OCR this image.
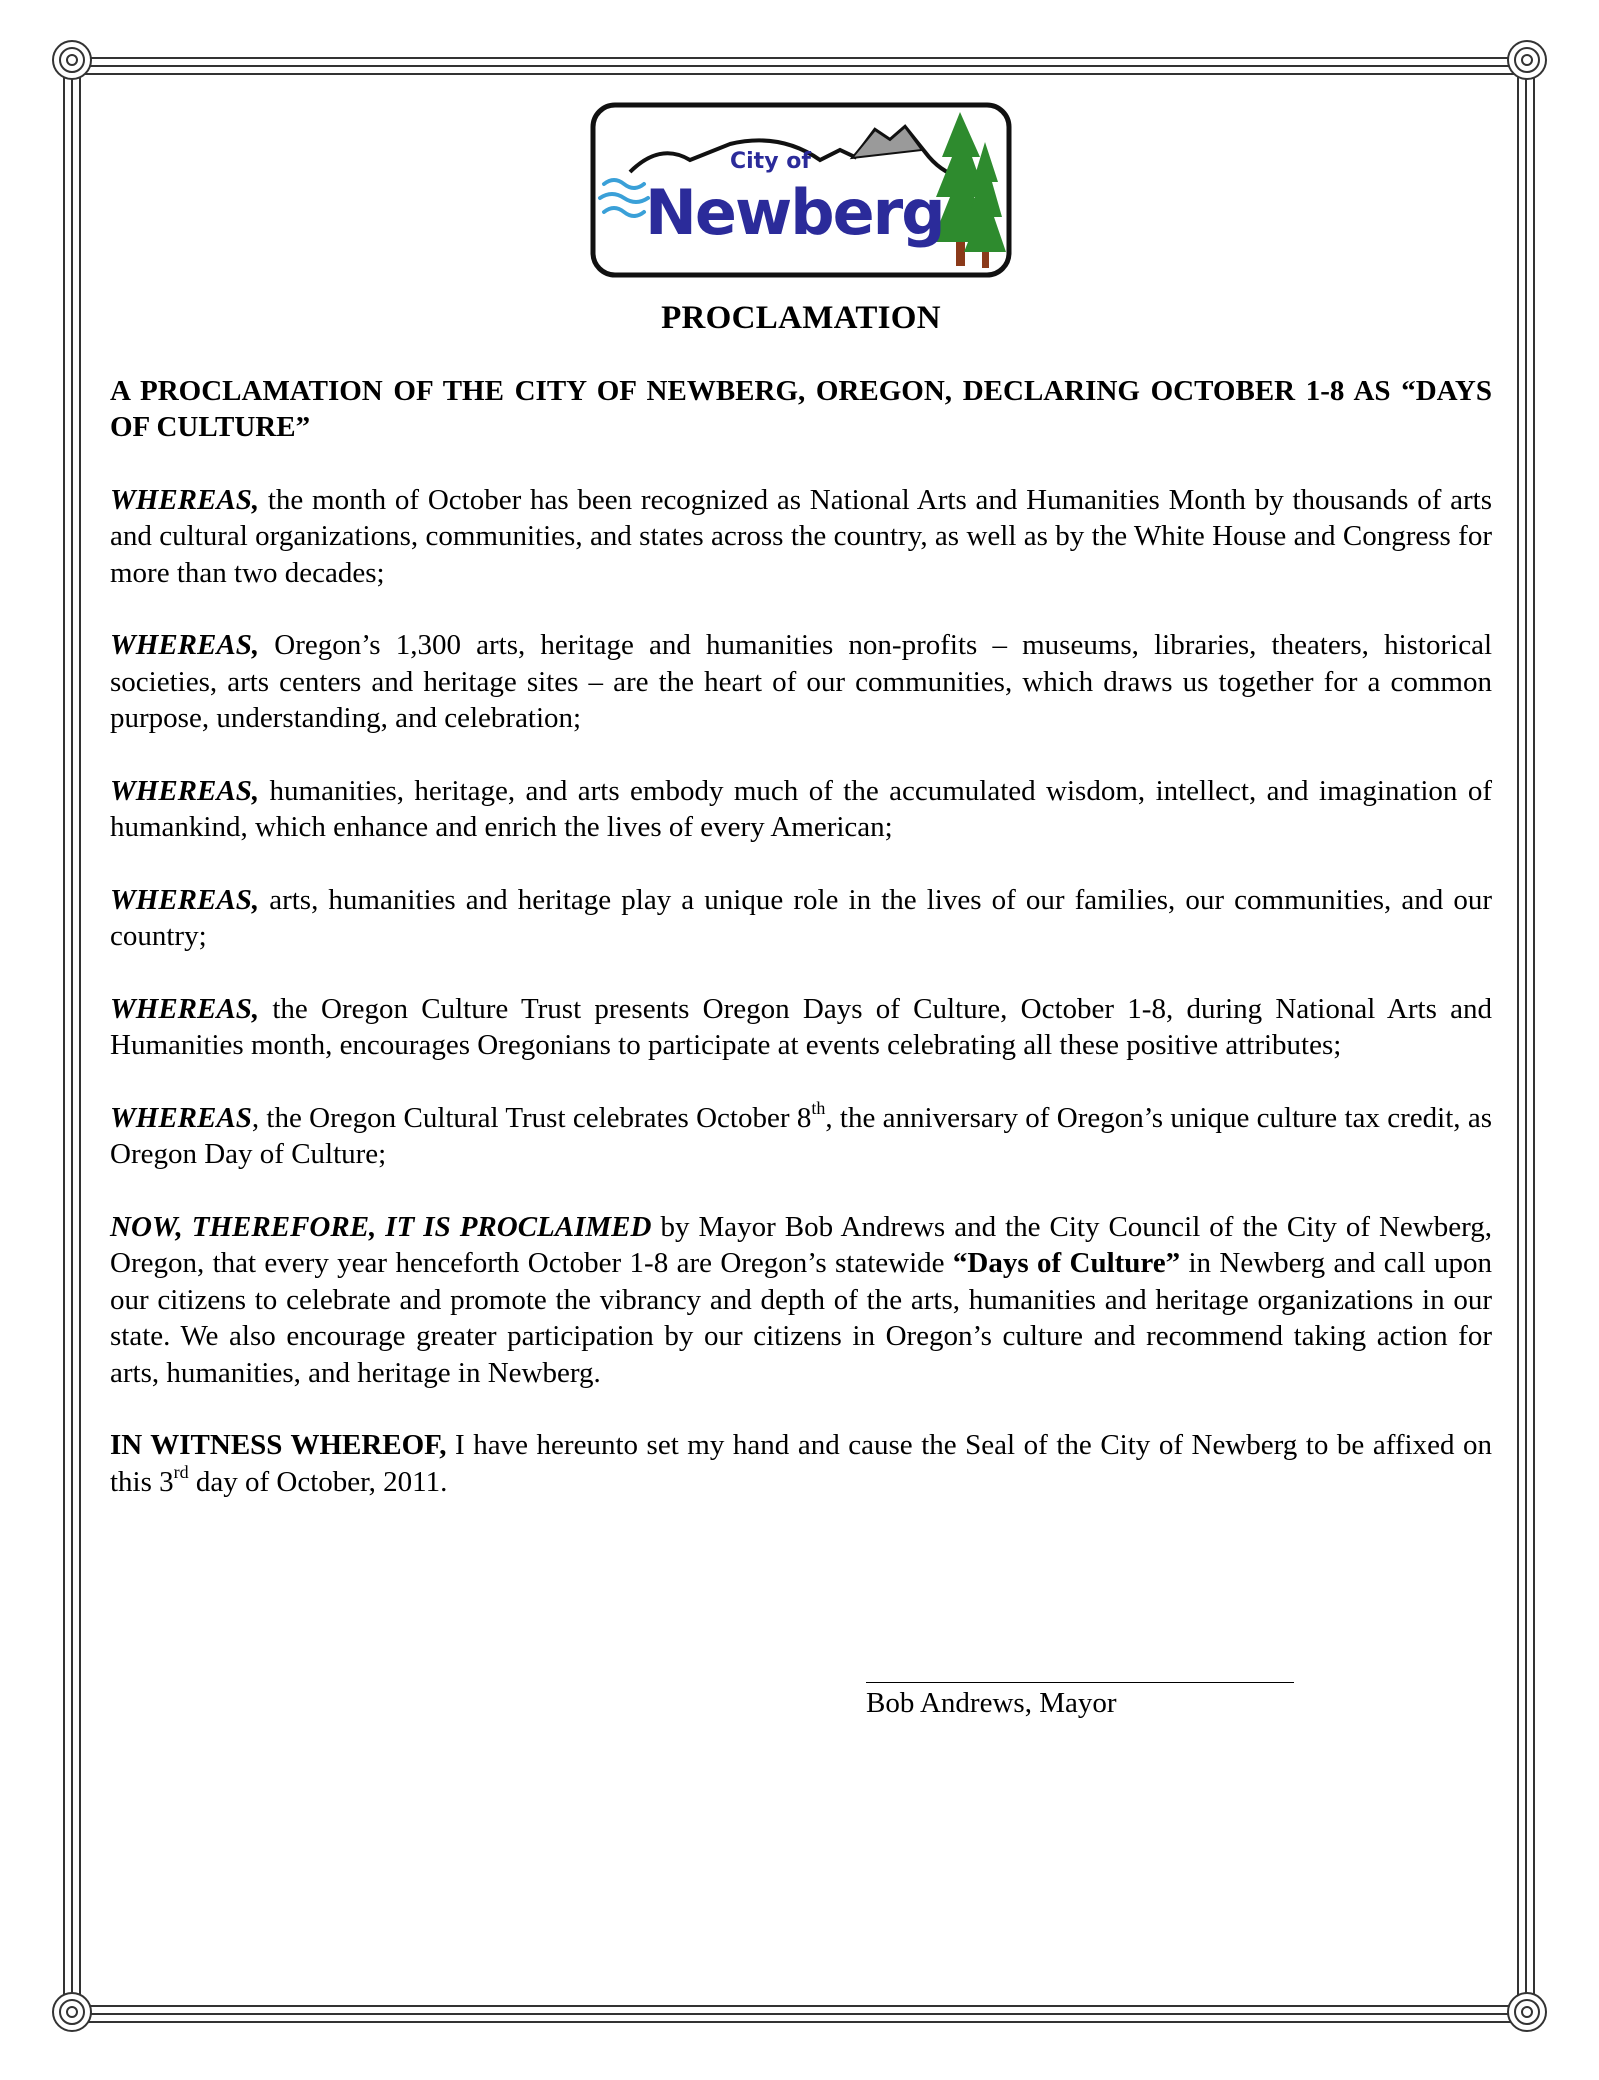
City of
Newberg
PROCLAMATION
A PROCLAMATION OF THE CITY OF NEWBERG, OREGON, DECLARING OCTOBER 1-8 AS “DAYS OF CULTURE”

WHEREAS, the month of October has been recognized as National Arts and Humanities Month by thousands of arts and cultural organizations, communities, and states across the country, as well as by the White House and Congress for more than two decades;

WHEREAS, Oregon’s 1,300 arts, heritage and humanities non-profits – museums, libraries, theaters, historical societies, arts centers and heritage sites – are the heart of our communities, which draws us together for a common purpose, understanding, and celebration;

WHEREAS, humanities, heritage, and arts embody much of the accumulated wisdom, intellect, and imagination of humankind, which enhance and enrich the lives of every American;

WHEREAS, arts, humanities and heritage play a unique role in the lives of our families, our communities, and our country;

WHEREAS, the Oregon Culture Trust presents Oregon Days of Culture, October 1-8, during National Arts and Humanities month, encourages Oregonians to participate at events celebrating all these positive attributes;

WHEREAS, the Oregon Cultural Trust celebrates October 8th, the anniversary of Oregon’s unique culture tax credit, as Oregon Day of Culture;

NOW, THEREFORE, IT IS PROCLAIMED by Mayor Bob Andrews and the City Council of the City of Newberg, Oregon, that every year henceforth October 1-8 are Oregon’s statewide “Days of Culture” in Newberg and call upon our citizens to celebrate and promote the vibrancy and depth of the arts, humanities and heritage organizations in our state. We also encourage greater participation by our citizens in Oregon’s culture and recommend taking action for arts, humanities, and heritage in Newberg.

IN WITNESS WHEREOF, I have hereunto set my hand and cause the Seal of the City of Newberg to be affixed on this 3rd day of October, 2011.

Bob Andrews, Mayor
